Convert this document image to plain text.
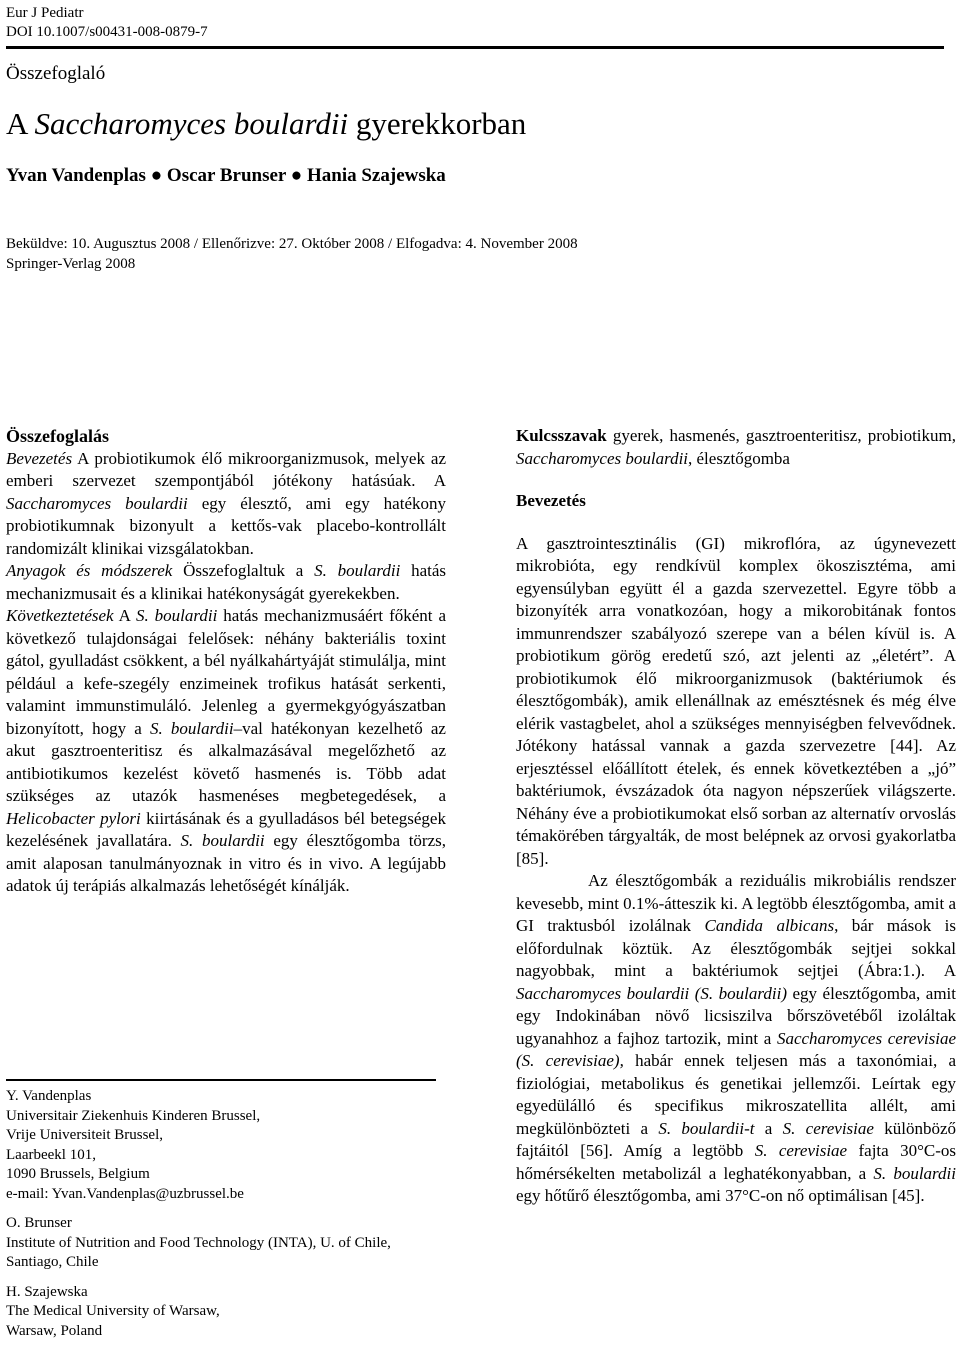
Eur J Pediatr
DOI 10.1007/s00431-008-0879-7
Összefoglaló
A Saccharomyces boulardii gyerekkorban
Yvan Vandenplas ● Oscar Brunser ● Hania Szajewska
Beküldve: 10. Augusztus 2008 / Ellenőrizve: 27. Október 2008 / Elfogadva: 4. November 2008
Springer-Verlag 2008

Összefoglalás

Bevezetés A probiotikumok élő mikroorganizmusok, melyek az emberi szervezet szempontjából jótékony hatásúak. A Saccharomyces boulardii egy élesztő, ami egy hatékony probiotikumnak bizonyult a kettős-vak placebo-kontrollált randomizált klinikai vizsgálatokban.

Anyagok és módszerek Összefoglaltuk a S. boulardii hatás mechanizmusait és a klinikai hatékonyságát gyerekekben.

Következtetések A S. boulardii hatás mechanizmusáért főként a következő tulajdonságai felelősek: néhány bakteriális toxint gátol, gyulladást csökkent, a bél nyálkahártyáját stimulálja, mint például a kefe-szegély enzimeinek trofikus hatását serkenti, valamint immunstimuláló. Jelenleg a gyermekgyógyászatban bizonyított, hogy a S. boulardii–val hatékonyan kezelhető az akut gasztroenteritisz és alkalmazásával megelőzhető az antibiotikumos kezelést követő hasmenés is. Több adat szükséges az utazók hasmenéses megbetegedések, a Helicobacter pylori kiirtásának és a gyulladásos bél betegségek kezelésének javallatára. S. boulardii egy élesztőgomba törzs, amit alaposan tanulmányoznak in vitro és in vivo. A legújabb adatok új terápiás alkalmazás lehetőségét kínálják.

Y. Vandenplas
Universitair Ziekenhuis Kinderen Brussel,
Vrije Universiteit Brussel,
Laarbeekl 101,
1090 Brussels, Belgium
e-mail: Yvan.Vandenplas@uzbrussel.be
O. Brunser
Institute of Nutrition and Food Technology (INTA), U. of Chile,
Santiago, Chile
H. Szajewska
The Medical University of Warsaw,
Warsaw, Poland

Kulcsszavak gyerek, hasmenés, gasztroenteritisz, probiotikum, Saccharomyces boulardii, élesztőgomba

Bevezetés

A gasztrointesztinális (GI) mikroflóra, az úgynevezett mikrobióta, egy rendkívül komplex ökoszisztéma, ami egyensúlyban együtt él a gazda szervezettel. Egyre több a bizonyíték arra vonatkozóan, hogy a mikorobitának fontos immunrendszer szabályozó szerepe van a bélen kívül is. A probiotikum görög eredetű szó, azt jelenti az „életért”. A probiotikumok élő mikroorganizmusok (baktériumok és élesztőgombák), amik ellenállnak az emésztésnek és még élve elérik vastagbelet, ahol a szükséges mennyiségben felvevődnek. Jótékony hatással vannak a gazda szervezetre [44]. Az erjesztéssel előállított ételek, és ennek következtében a „jó” baktériumok, évszázadok óta nagyon népszerűek világszerte. Néhány éve a probiotikumokat első sorban az alternatív orvoslás témakörében tárgyalták, de most belépnek az orvosi gyakorlatba [85].

Az élesztőgombák a reziduális mikrobiális rendszer kevesebb, mint 0.1%-átteszik ki. A legtöbb élesztőgomba, amit a GI traktusból izolálnak Candida albicans, bár mások is előfordulnak köztük. Az élesztőgombák sejtjei sokkal nagyobbak, mint a baktériumok sejtjei (Ábra:1.). A Saccharomyces boulardii (S. boulardii) egy élesztőgomba, amit egy Indokinában növő licsiszilva bőrszövetéből izoláltak ugyanahhoz a fajhoz tartozik, mint a Saccharomyces cerevisiae (S. cerevisiae), habár ennek teljesen más a taxonómiai, a fiziológiai, metabolikus és genetikai jellemzői. Leírtak egy egyedülálló és specifikus mikroszatellita allélt, ami megkülönbözteti a S. boulardii-t a S. cerevisiae különböző fajtáitól [56]. Amíg a legtöbb S. cerevisiae fajta 30°C-os hőmérsékelten metabolizál a leghatékonyabban, a S. boulardii egy hőtűrő élesztőgomba, ami 37°C-on nő optimálisan [45].
